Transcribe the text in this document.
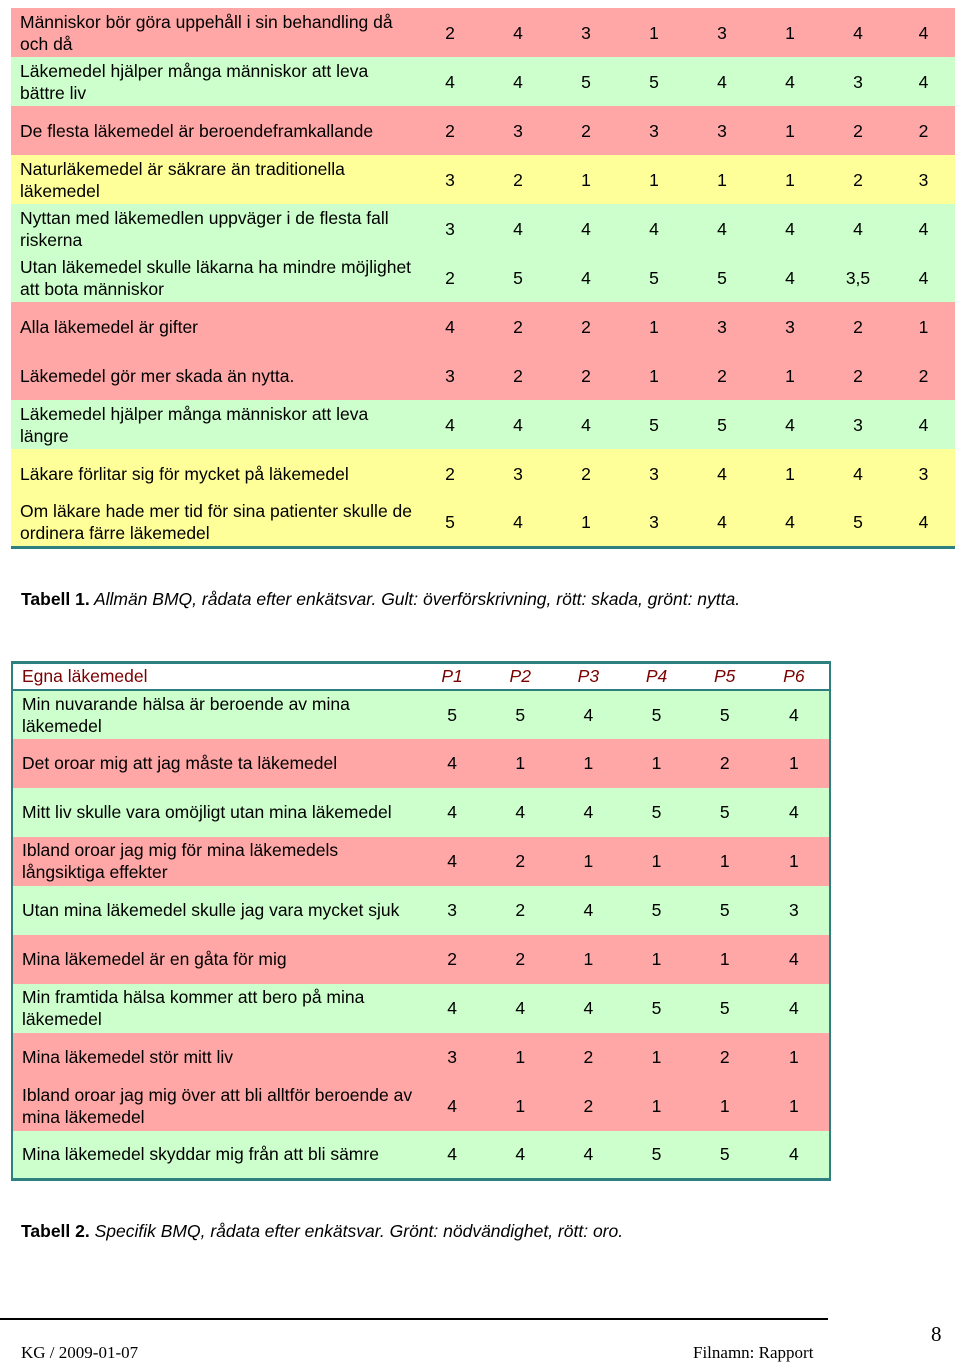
Människor bör göra uppehåll i sin behandling då och då	2	4	3	1	3	1	4	4
Läkemedel hjälper många människor att leva bättre liv	4	4	5	5	4	4	3	4
De flesta läkemedel är beroendeframkallande	2	3	2	3	3	1	2	2
Naturläkemedel är säkrare än traditionella läkemedel	3	2	1	1	1	1	2	3
Nyttan med läkemedlen uppväger i de flesta fall riskerna	3	4	4	4	4	4	4	4
Utan läkemedel skulle läkarna ha mindre möjlighet att bota människor	2	5	4	5	5	4	3,5	4
Alla läkemedel är gifter	4	2	2	1	3	3	2	1
Läkemedel gör mer skada än nytta.	3	2	2	1	2	1	2	2
Läkemedel hjälper många människor att leva längre	4	4	4	5	5	4	3	4
Läkare förlitar sig för mycket på läkemedel	2	3	2	3	4	1	4	3
Om läkare hade mer tid för sina patienter skulle de ordinera färre läkemedel	5	4	1	3	4	4	5	4
Tabell 1. Allmän BMQ, rådata efter enkätsvar. Gult: överförskrivning, rött: skada, grönt: nytta.
Egna läkemedel	P1	P2	P3	P4	P5	P6
Min nuvarande hälsa är beroende av mina läkemedel	5	5	4	5	5	4
Det oroar mig att jag måste ta läkemedel	4	1	1	1	2	1
Mitt liv skulle vara omöjligt utan mina läkemedel	4	4	4	5	5	4
Ibland oroar jag mig för mina läkemedels långsiktiga effekter	4	2	1	1	1	1
Utan mina läkemedel skulle jag vara mycket sjuk	3	2	4	5	5	3
Mina läkemedel är en gåta för mig	2	2	1	1	1	4
Min framtida hälsa kommer att bero på mina läkemedel	4	4	4	5	5	4
Mina läkemedel stör mitt liv	3	1	2	1	2	1
Ibland oroar jag mig över att bli alltför beroende av mina läkemedel	4	1	2	1	1	1
Mina läkemedel skyddar mig från att bli sämre	4	4	4	5	5	4
Tabell 2. Specifik BMQ, rådata efter enkätsvar. Grönt: nödvändighet, rött: oro.
KG / 2009-01-07	Filnamn: Rapport
8
